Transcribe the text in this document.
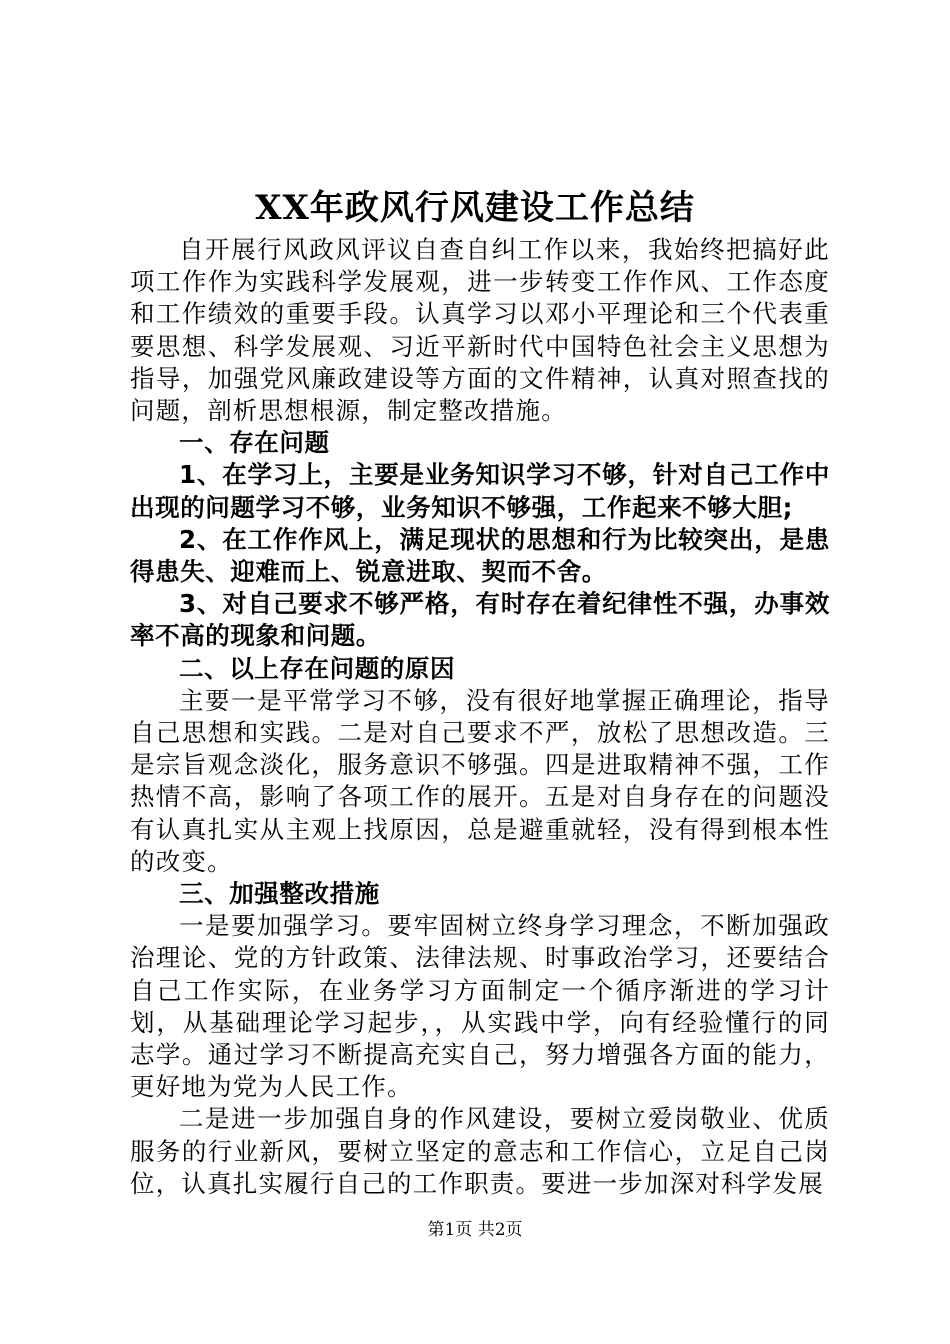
XX年政风行风建设工作总结

自开展行风政风评议自查自纠工作以来，我始终把搞好此项工作作为实践科学发展观，进一步转变工作作风、工作态度和工作绩效的重要手段。认真学习以邓小平理论和三个代表重要思想、科学发展观、习近平新时代中国特色社会主义思想为指导，加强党风廉政建设等方面的文件精神，认真对照查找的问题，剖析思想根源，制定整改措施。

一、存在问题

1、在学习上，主要是业务知识学习不够，针对自己工作中出现的问题学习不够，业务知识不够强，工作起来不够大胆;

2、在工作作风上，满足现状的思想和行为比较突出，是患得患失、迎难而上、锐意进取、契而不舍。

3、对自己要求不够严格，有时存在着纪律性不强，办事效率不高的现象和问题。

二、以上存在问题的原因

主要一是平常学习不够，没有很好地掌握正确理论，指导自己思想和实践。二是对自己要求不严，放松了思想改造。三是宗旨观念淡化，服务意识不够强。四是进取精神不强，工作热情不高，影响了各项工作的展开。五是对自身存在的问题没有认真扎实从主观上找原因，总是避重就轻，没有得到根本性的改变。

三、加强整改措施

一是要加强学习。要牢固树立终身学习理念，不断加强政治理论、党的方针政策、法律法规、时事政治学习，还要结合自己工作实际，在业务学习方面制定一个循序渐进的学习计划，从基础理论学习起步，，从实践中学，向有经验懂行的同志学。通过学习不断提高充实自己，努力增强各方面的能力，更好地为党为人民工作。

二是进一步加强自身的作风建设，要树立爱岗敬业、优质服务的行业新风，要树立坚定的意志和工作信心，立足自己岗位，认真扎实履行自己的工作职责。要进一步加深对科学发展

第1页 共2页
